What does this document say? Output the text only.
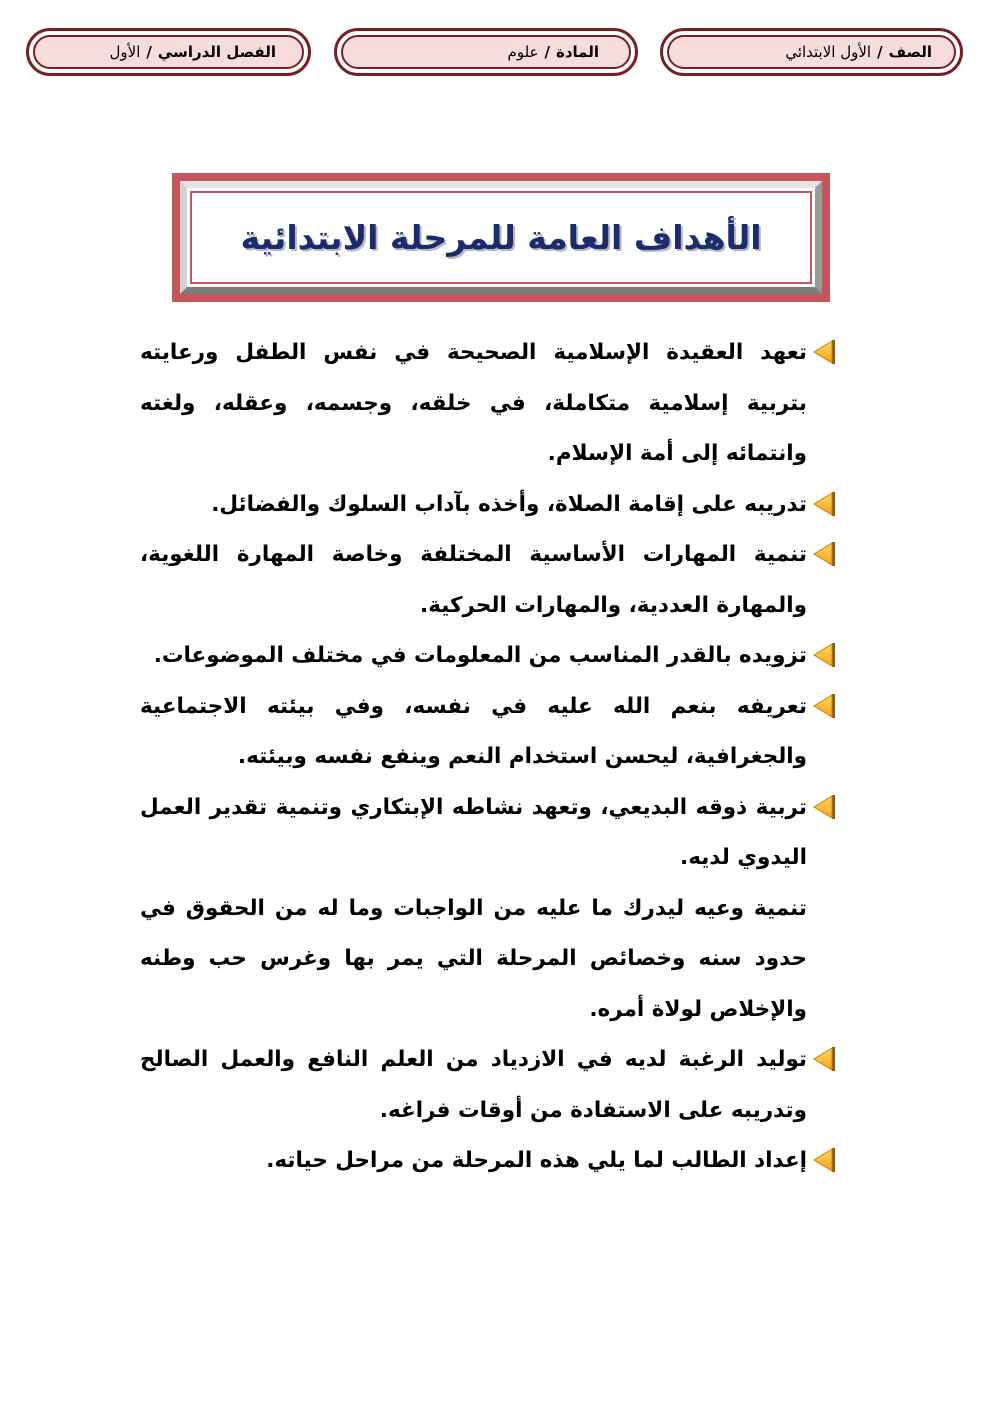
الصف
/
الأول الابتدائي
المادة
/
علوم
الفصل الدراسي
/
الأول
الأهداف العامة للمرحلة الابتدائية
تعهد العقيدة الإسلامية الصحيحة في نفس الطفل ورعايته بتربية إسلامية متكاملة، في خلقه، وجسمه، وعقله، ولغته وانتمائه إلى أمة الإسلام.
تدريبه على إقامة الصلاة، وأخذه بآداب السلوك والفضائل.
تنمية المهارات الأساسية المختلفة وخاصة المهارة اللغوية، والمهارة العددية، والمهارات الحركية.
تزويده بالقدر المناسب من المعلومات في مختلف الموضوعات.
تعريفه بنعم الله عليه في نفسه، وفي بيئته الاجتماعية والجغرافية، ليحسن استخدام النعم وينفع نفسه وبيئته.
تربية ذوقه البديعي، وتعهد نشاطه الإبتكاري وتنمية تقدير العمل اليدوي لديه.
تنمية وعيه ليدرك ما عليه من الواجبات وما له من الحقوق في حدود سنه وخصائص المرحلة التي يمر بها وغرس حب وطنه والإخلاص لولاة أمره.
توليد الرغبة لديه في الازدياد من العلم النافع والعمل الصالح وتدريبه على الاستفادة من أوقات فراغه.
إعداد الطالب لما يلي هذه المرحلة من مراحل حياته.
